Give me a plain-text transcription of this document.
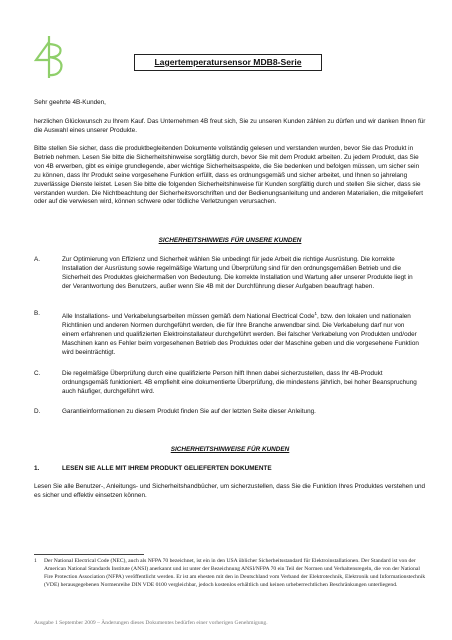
Lagertemperatursensor MDB8-Serie
Sehr geehrte 4B-Kunden,
herzlichen Glückwunsch zu Ihrem Kauf. Das Unternehmen 4B freut sich, Sie zu unseren Kunden zählen zu dürfen und wir danken Ihnen für die Auswahl eines unserer Produkte.
Bitte stellen Sie sicher, dass die produktbegleitenden Dokumente vollständig gelesen und verstanden wurden, bevor Sie das Produkt in Betrieb nehmen. Lesen Sie bitte die Sicherheitshinweise sorgfältig durch, bevor Sie mit dem Produkt arbeiten. Zu jedem Produkt, das Sie von 4B erwerben, gibt es einige grundlegende, aber wichtige Sicherheitsaspekte, die Sie bedenken und befolgen müssen, um sicher sein zu können, dass Ihr Produkt seine vorgesehene Funktion erfüllt, dass es ordnungsgemäß und sicher arbeitet, und Ihnen so jahrelang zuverlässige Dienste leistet. Lesen Sie bitte die folgenden Sicherheitshinweise für Kunden sorgfältig durch und stellen Sie sicher, dass sie verstanden wurden. Die Nichtbeachtung der Sicherheitsvorschriften und der Bedienungsanleitung und anderen Materialien, die mitgeliefert oder auf die verwiesen wird, können schwere oder tödliche Verletzungen verursachen.
SICHERHEITSHINWEIS FÜR UNSERE KUNDEN
A.	Zur Optimierung von Effizienz und Sicherheit wählen Sie unbedingt für jede Arbeit die richtige Ausrüstung. Die korrekte Installation der Ausrüstung sowie regelmäßige Wartung und Überprüfung sind für den ordnungsgemäßen Betrieb und die Sicherheit des Produktes gleichermaßen von Bedeutung. Die korrekte Installation und Wartung aller unserer Produkte liegt in der Verantwortung des Benutzers, außer wenn Sie 4B mit der Durchführung dieser Aufgaben beauftragt haben.
B.	Alle Installations- und Verkabelungsarbeiten müssen gemäß dem National Electrical Code$^1$, bzw. den lokalen und nationalen Richtlinien und anderen Normen durchgeführt werden, die für Ihre Branche anwendbar sind. Die Verkabelung darf nur von einem erfahrenen und qualifizierten Elektroinstallateur durchgeführt werden. Bei falscher Verkabelung von Produkten und/oder Maschinen kann es Fehler beim vorgesehenen Betrieb des Produktes oder der Maschine geben und die vorgesehene Funktion wird beeinträchtigt.
C.	Die regelmäßige Überprüfung durch eine qualifizierte Person hilft Ihnen dabei sicherzustellen, dass Ihr 4B-Produkt ordnungsgemäß funktioniert. 4B empfiehlt eine dokumentierte Überprüfung, die mindestens jährlich, bei hoher Beanspruchung auch häufiger, durchgeführt wird.
D.	Garantieinformationen zu diesem Produkt finden Sie auf der letzten Seite dieser Anleitung.
SICHERHEITSHINWEISE FÜR KUNDEN
1.	LESEN SIE ALLE MIT IHREM PRODUKT GELIEFERTEN DOKUMENTE
Lesen Sie alle Benutzer-, Anleitungs- und Sicherheitshandbücher, um sicherzustellen, dass Sie die Funktion Ihres Produktes verstehen und es sicher und effektiv einsetzen können.
1 Der National Electrical Code (NEC), auch als NFPA 70 bezeichnet, ist ein in den USA üblicher Sicherheitsstandard für Elektroinstallationen. Der Standard ist von der American National Standards Institute (ANSI) anerkannt und ist unter der Bezeichnung ANSI/NFPA 70 ein Teil der Normen und Verhaltensregeln, die von der National Fire Protection Association (NFPA) veröffentlicht werden. Er ist am ehesten mit den in Deutschland vom Verband der Elektrotechnik, Elektronik und Informationstechnik (VDE) herausgegebenen Normenreihe DIN VDE 0100 vergleichbar, jedoch kostenlos erhältlich und keinen urheberrechtlichen Beschränkungen unterliegend.
Ausgabe 1 September 2009 – Änderungen dieses Dokumentes bedürfen einer vorherigen Genehmigung.
